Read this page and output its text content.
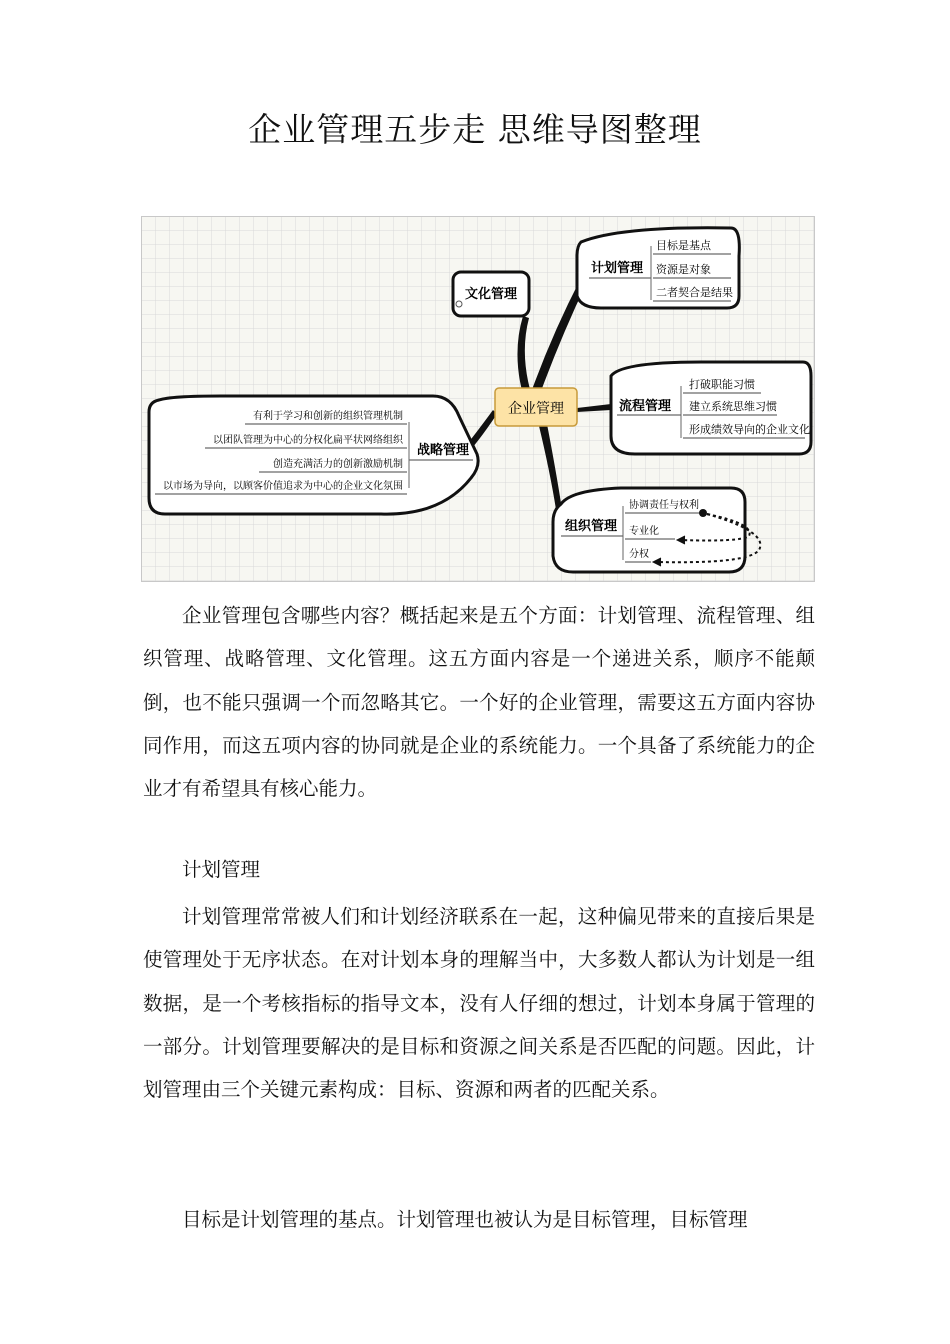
企业管理五步走 思维导图整理
文化管理
企业管理
计划管理
目标是基点
资源是对象
二者契合是结果
流程管理
打破职能习惯
建立系统思维习惯
形成绩效导向的企业文化
战略管理
有利于学习和创新的组织管理机制
以团队管理为中心的分权化扁平状网络组织
创造充满活力的创新激励机制
以市场为导向，以顾客价值追求为中心的企业文化氛围
组织管理
协调责任与权利
专业化
分权

企业管理包含哪些内容？概括起来是五个方面：计划管理、流程管理、组织管理、战略管理、文化管理。这五方面内容是一个递进关系，顺序不能颠倒，也不能只强调一个而忽略其它。一个好的企业管理，需要这五方面内容协同作用，而这五项内容的协同就是企业的系统能力。一个具备了系统能力的企业才有希望具有核心能力。

计划管理

计划管理常常被人们和计划经济联系在一起，这种偏见带来的直接后果是使管理处于无序状态。在对计划本身的理解当中，大多数人都认为计划是一组数据，是一个考核指标的指导文本，没有人仔细的想过，计划本身属于管理的一部分。计划管理要解决的是目标和资源之间关系是否匹配的问题。因此，计划管理由三个关键元素构成：目标、资源和两者的匹配关系。

目标是计划管理的基点。计划管理也被认为是目标管理，目标管理
